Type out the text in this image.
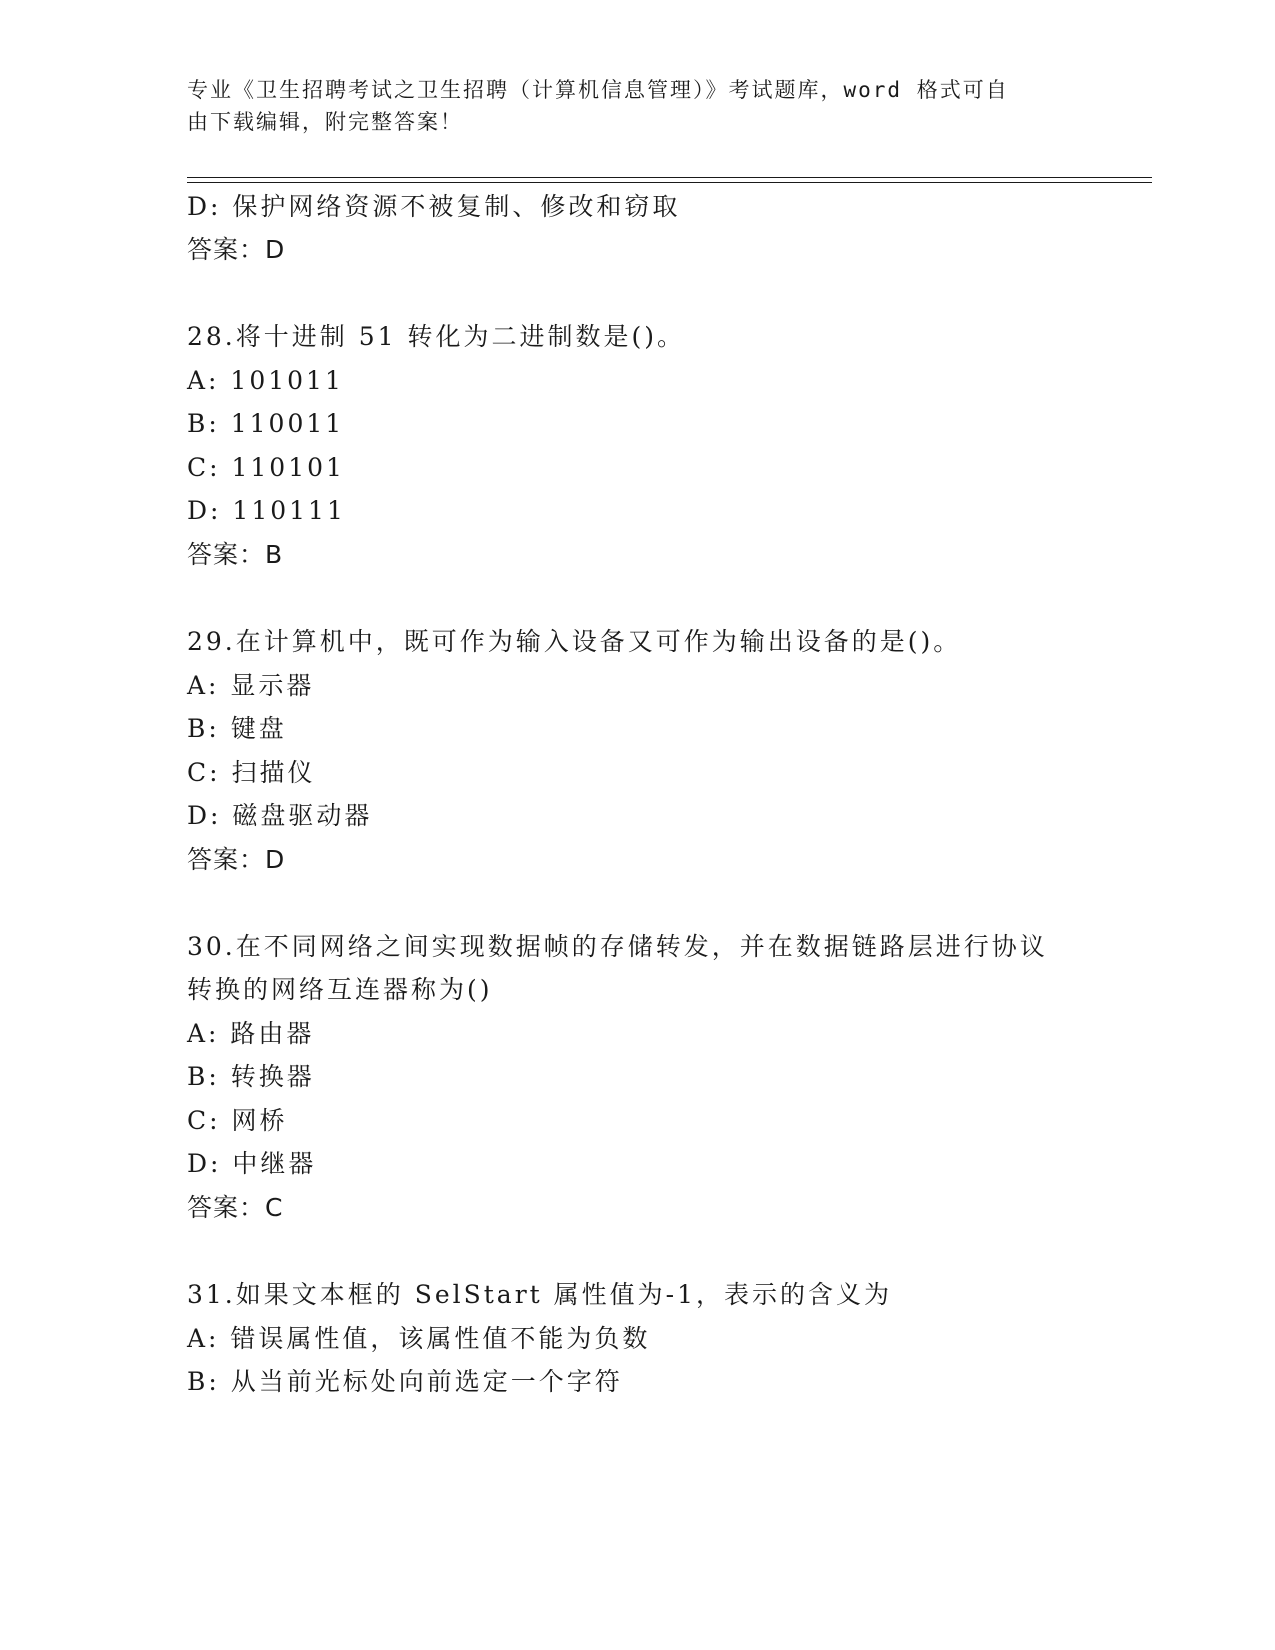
专业《卫生招聘考试之卫生招聘（计算机信息管理）》考试题库，word 格式可自
由下载编辑，附完整答案！
D: 保护网络资源不被复制、修改和窃取
答案：D
28.将十进制 51 转化为二进制数是()。
A: 101011
B: 110011
C: 110101
D: 110111
答案：B
29.在计算机中，既可作为输入设备又可作为输出设备的是()。
A: 显示器
B: 键盘
C: 扫描仪
D: 磁盘驱动器
答案：D
30.在不同网络之间实现数据帧的存储转发，并在数据链路层进行协议
转换的网络互连器称为()
A: 路由器
B: 转换器
C: 网桥
D: 中继器
答案：C
31.如果文本框的 SelStart 属性值为-1，表示的含义为
A: 错误属性值，该属性值不能为负数
B: 从当前光标处向前选定一个字符
